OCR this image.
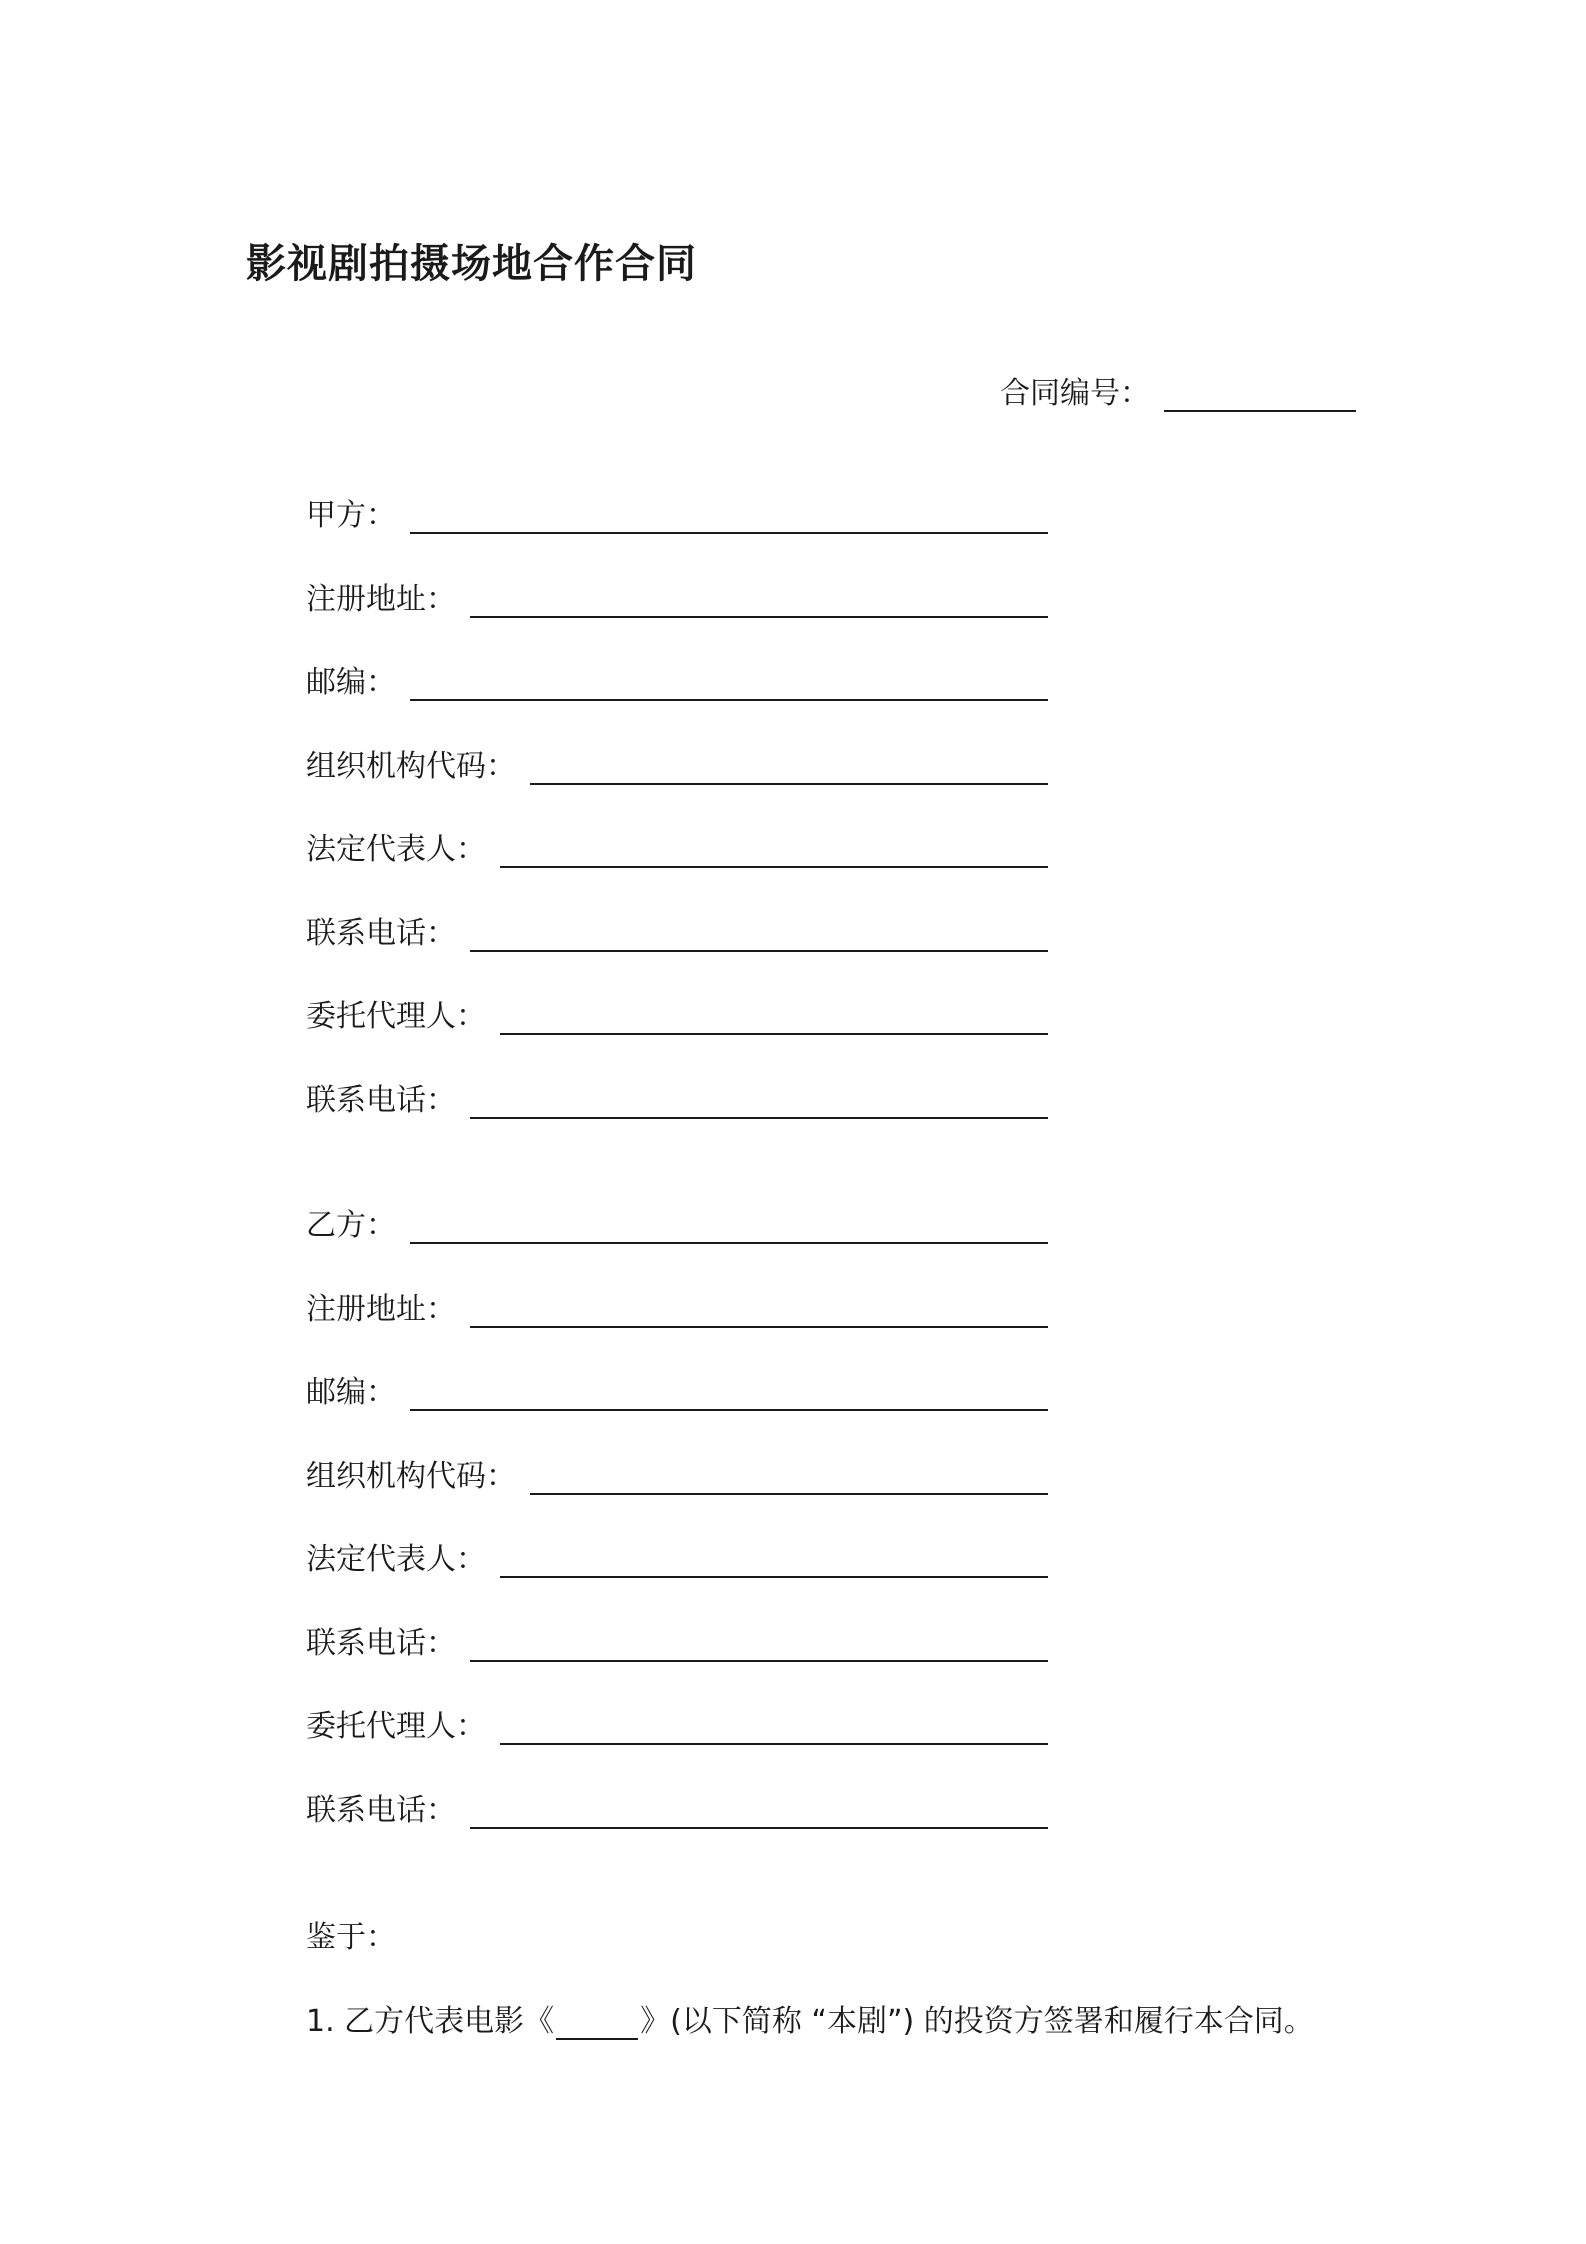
影视剧拍摄场地合作合同
合同编号：
甲方：
注册地址：
邮编：
组织机构代码：
法定代表人：
联系电话：
委托代理人：
联系电话：
乙方：
注册地址：
邮编：
组织机构代码：
法定代表人：
联系电话：
委托代理人：
联系电话：
鉴于：
1. 乙方代表电影《	》(以下简称 “本剧”) 的投资方签署和履行本合同。
